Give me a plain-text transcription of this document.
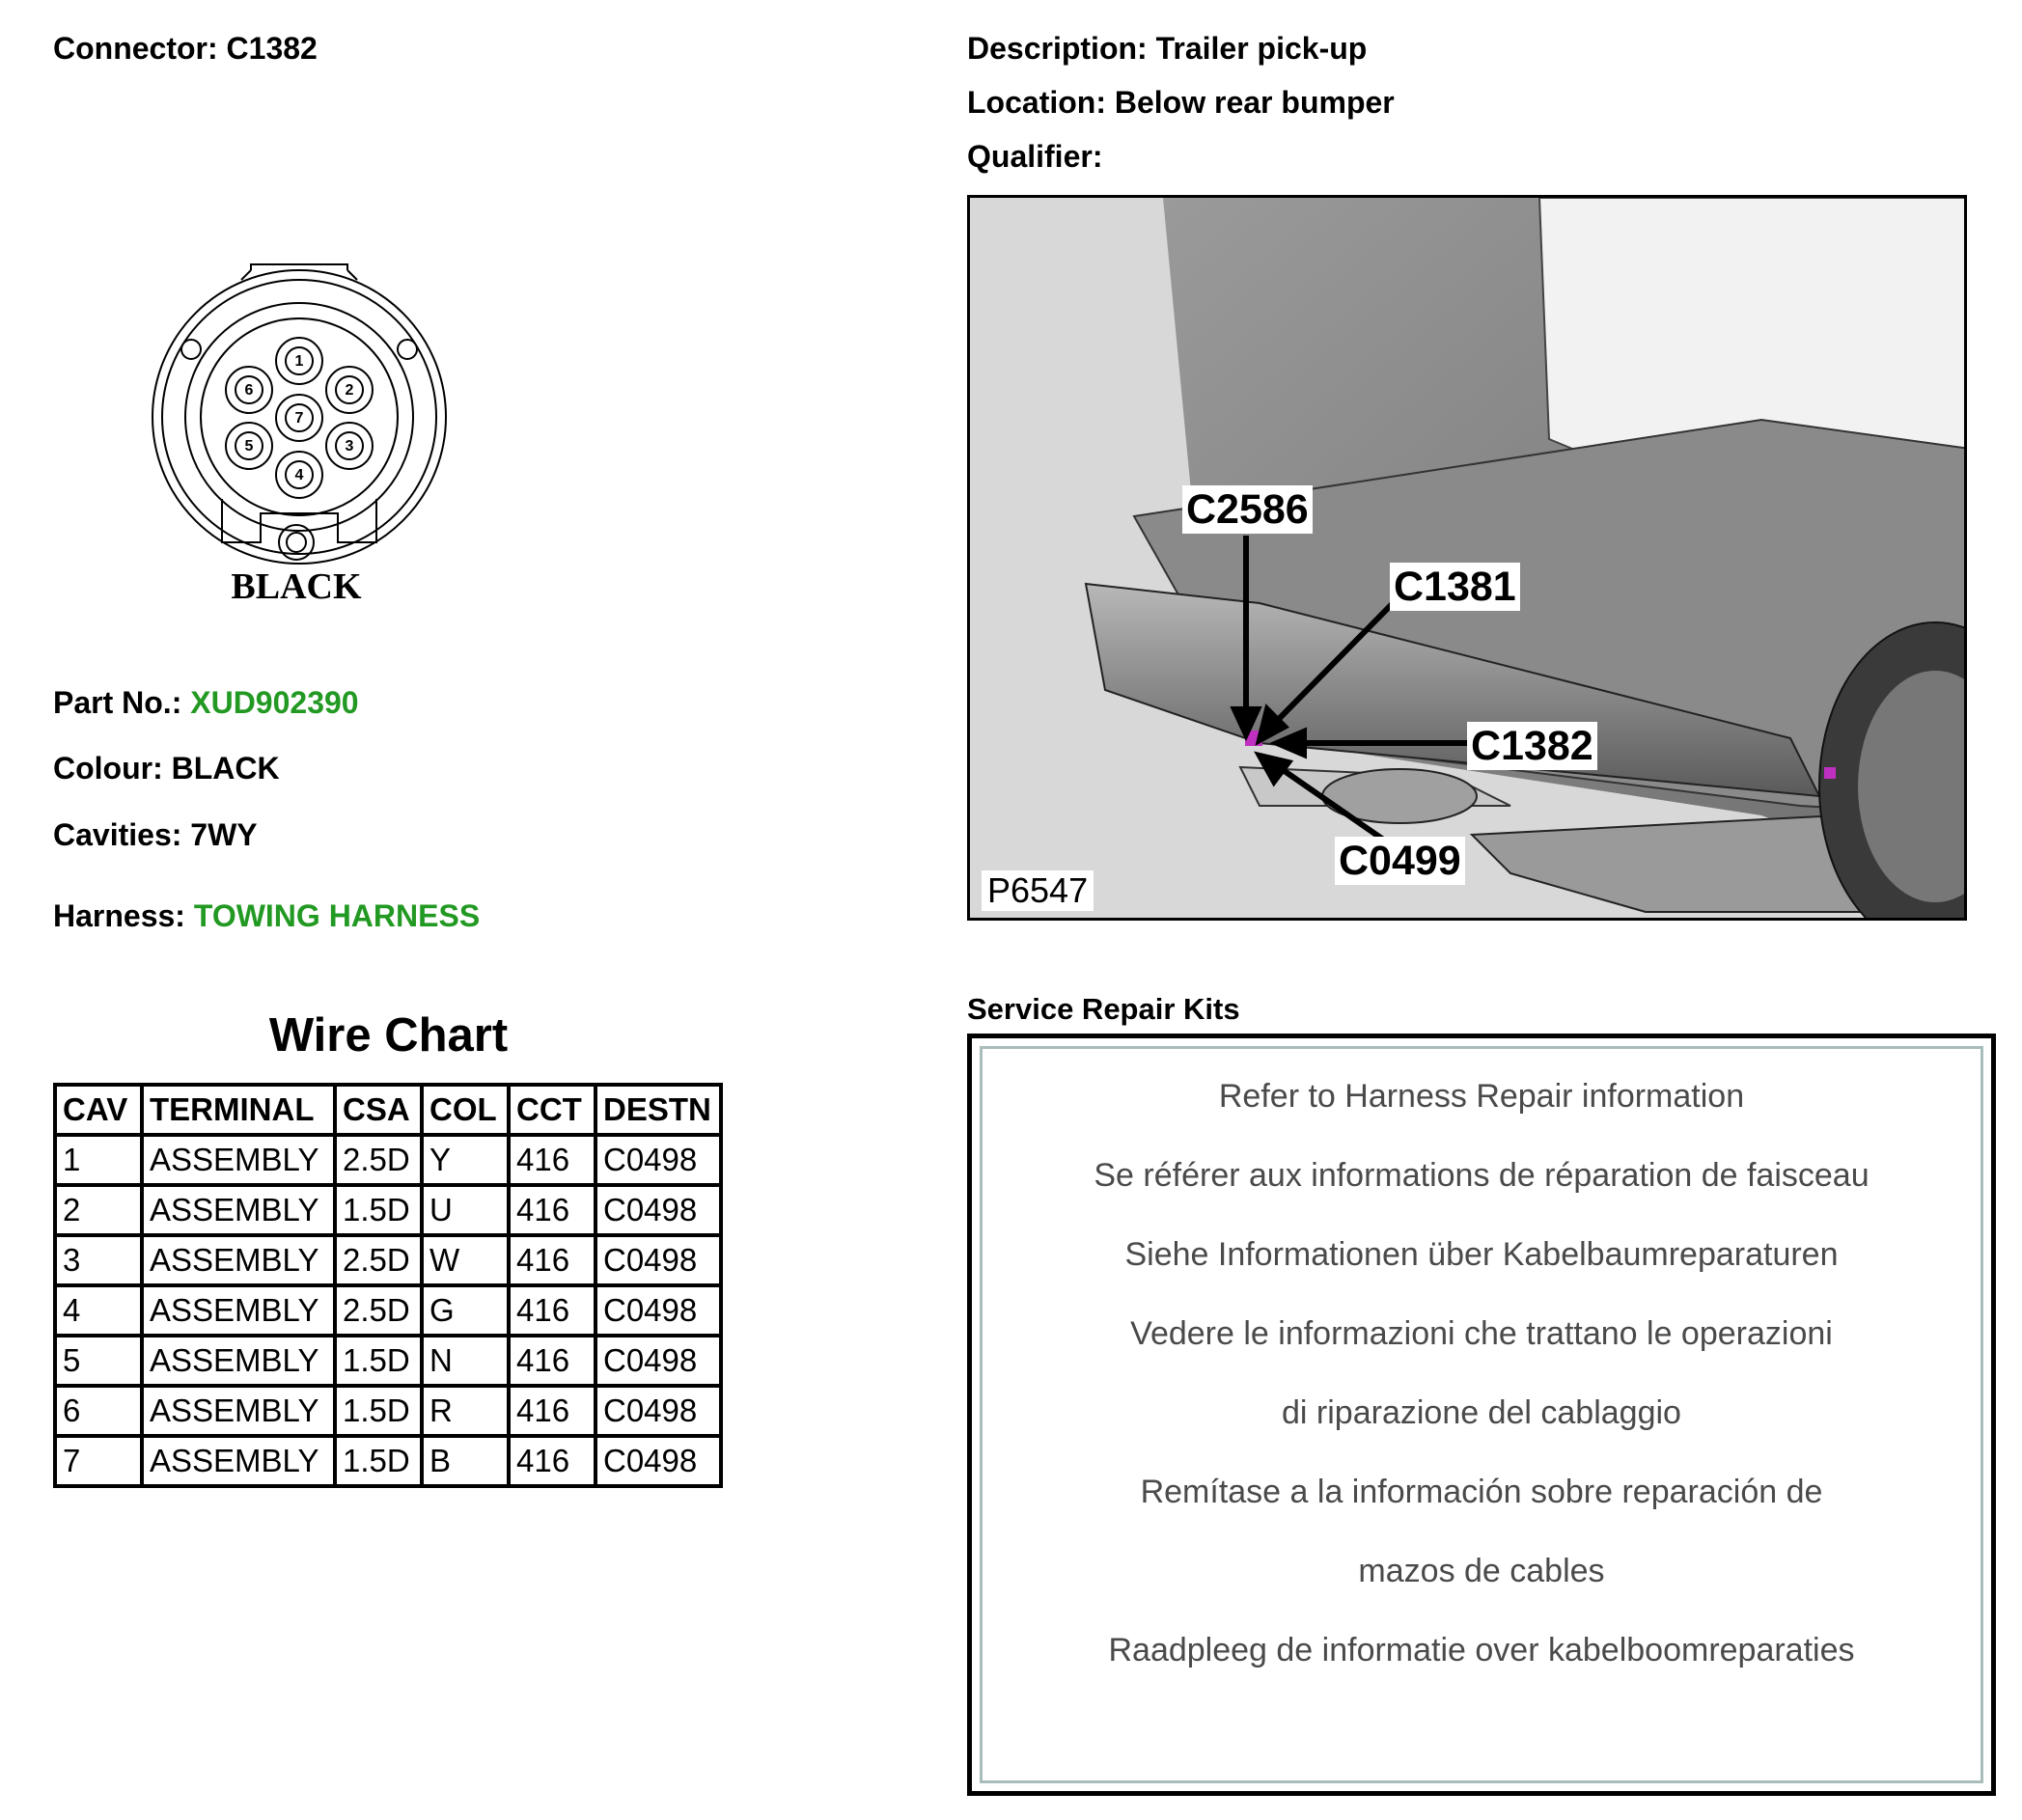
Connector: C1382
1
2
3
4
5
6
7
BLACK
Part No.: XUD902390
Colour: BLACK
Cavities: 7WY
Harness: TOWING HARNESS
Wire Chart
CAV	TERMINAL	CSA	COL	CCT	DESTN
1	ASSEMBLY	2.5D	Y	416	C0498
2	ASSEMBLY	1.5D	U	416	C0498
3	ASSEMBLY	2.5D	W	416	C0498
4	ASSEMBLY	2.5D	G	416	C0498
5	ASSEMBLY	1.5D	N	416	C0498
6	ASSEMBLY	1.5D	R	416	C0498
7	ASSEMBLY	1.5D	B	416	C0498
Description: Trailer pick-up
Location: Below rear bumper
Qualifier:
C2586
C1381
C1382
C0499
P6547
Service Repair Kits
Refer to Harness Repair information
Se référer aux informations de réparation de faisceau
Siehe Informationen über Kabelbaumreparaturen
Vedere le informazioni che trattano le operazioni
di riparazione del cablaggio
Remítase a la información sobre reparación de
mazos de cables
Raadpleeg de informatie over kabelboomreparaties
